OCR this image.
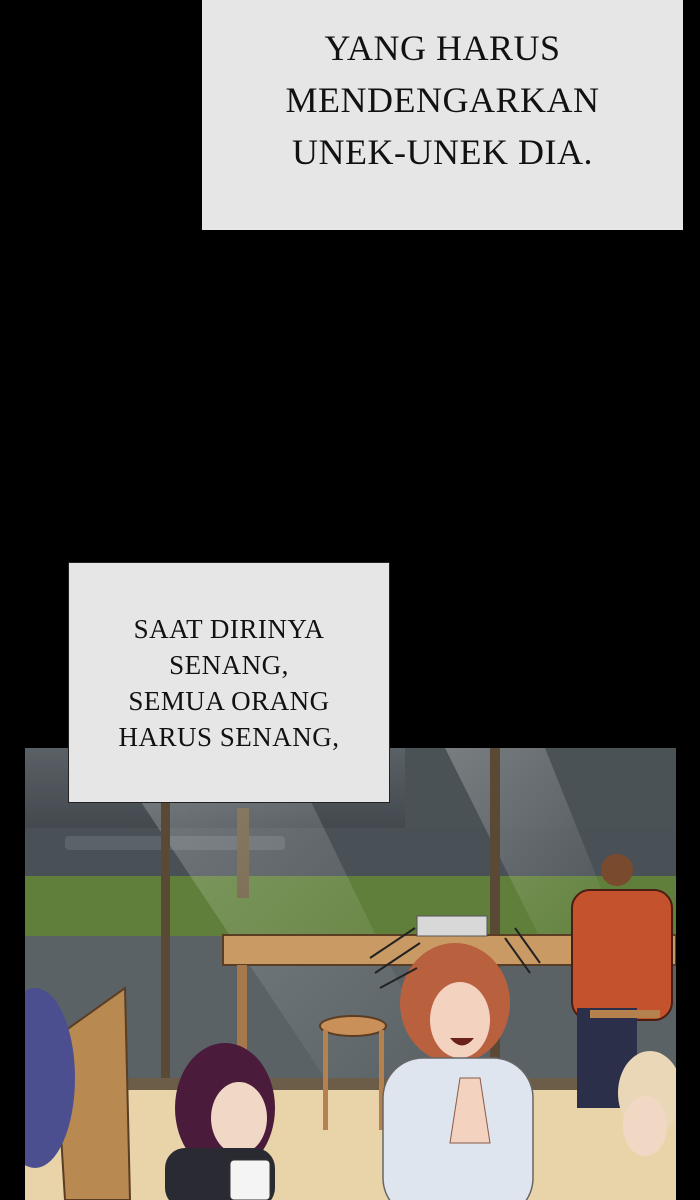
YANG HARUS
MENDENGARKAN
UNEK-UNEK DIA.
SAAT DIRINYA
SENANG,
SEMUA ORANG
HARUS SENANG,
